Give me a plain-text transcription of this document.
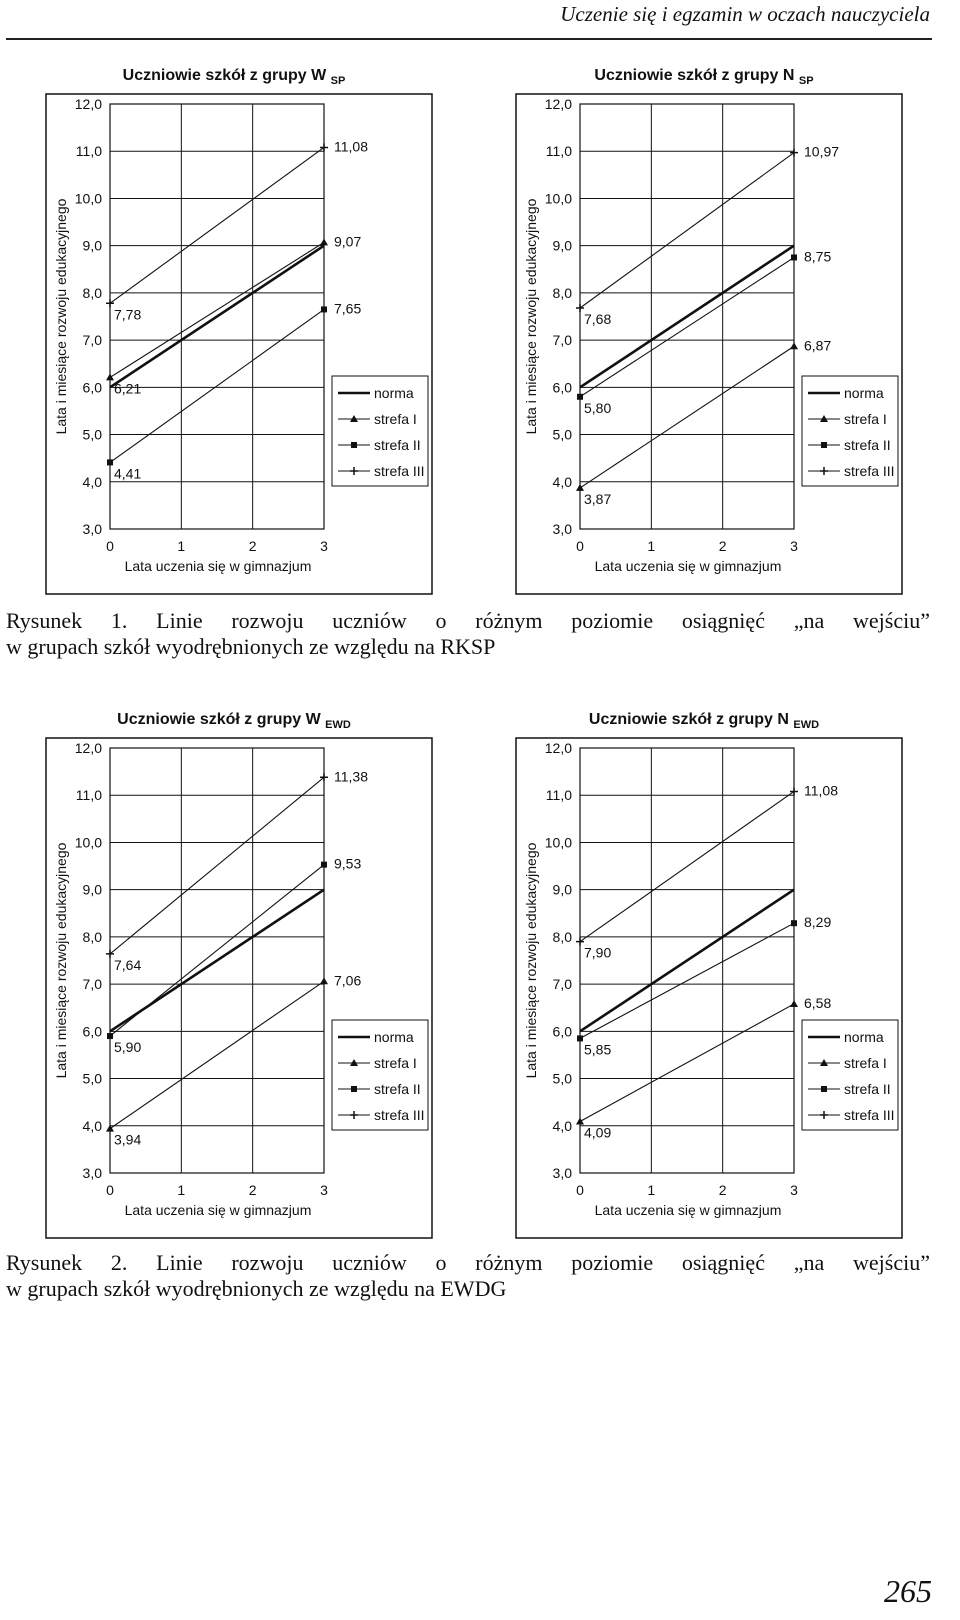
Uczenie się i egzamin w oczach nauczyciela
Uczniowie szkół z grupy W $_{SP}$
3,0
4,0
5,0
6,0
7,0
8,0
9,0
10,0
11,0
12,0
0	1	2	3
Lata uczenia się w gimnazjum
Lata i miesiące rozwoju edukacyjnego	6,21
9,07
4,41
7,65
7,78
11,08
norma
strefa I
strefa II
strefa III
Uczniowie szkół z grupy N $_{SP}$
3,0
4,0
5,0
6,0
7,0
8,0
9,0
10,0
11,0
12,0
0	1	2	3
Lata uczenia się w gimnazjum
Lata i miesiące rozwoju edukacyjnego
3,87
6,87
5,80
8,75
7,68
10,97
norma
strefa I
strefa II
strefa III
Rysunek 1. Linie rozwoju uczniów o różnym poziomie osiągnięć „na wejściu”
w grupach szkół wyodrębnionych ze względu na RKSP
Uczniowie szkół z grupy W $_{EWD}$
3,0
4,0
5,0
6,0
7,0
8,0
9,0
10,0
11,0
12,0
0	1	2	3
Lata uczenia się w gimnazjum
Lata i miesiące rozwoju edukacyjnego
3,94
7,06
5,90
9,53
7,64
11,38
norma
strefa I
strefa II
strefa III
Uczniowie szkół z grupy N $_{EWD}$
3,0
4,0
5,0
6,0
7,0
8,0
9,0
10,0
11,0
12,0
0	1	2	3
Lata uczenia się w gimnazjum
Lata i miesiące rozwoju edukacyjnego
4,09
6,58
5,85
8,29
7,90
11,08
norma
strefa I
strefa II
strefa III
Rysunek 2. Linie rozwoju uczniów o różnym poziomie osiągnięć „na wejściu”
w grupach szkół wyodrębnionych ze względu na EWDG
265
